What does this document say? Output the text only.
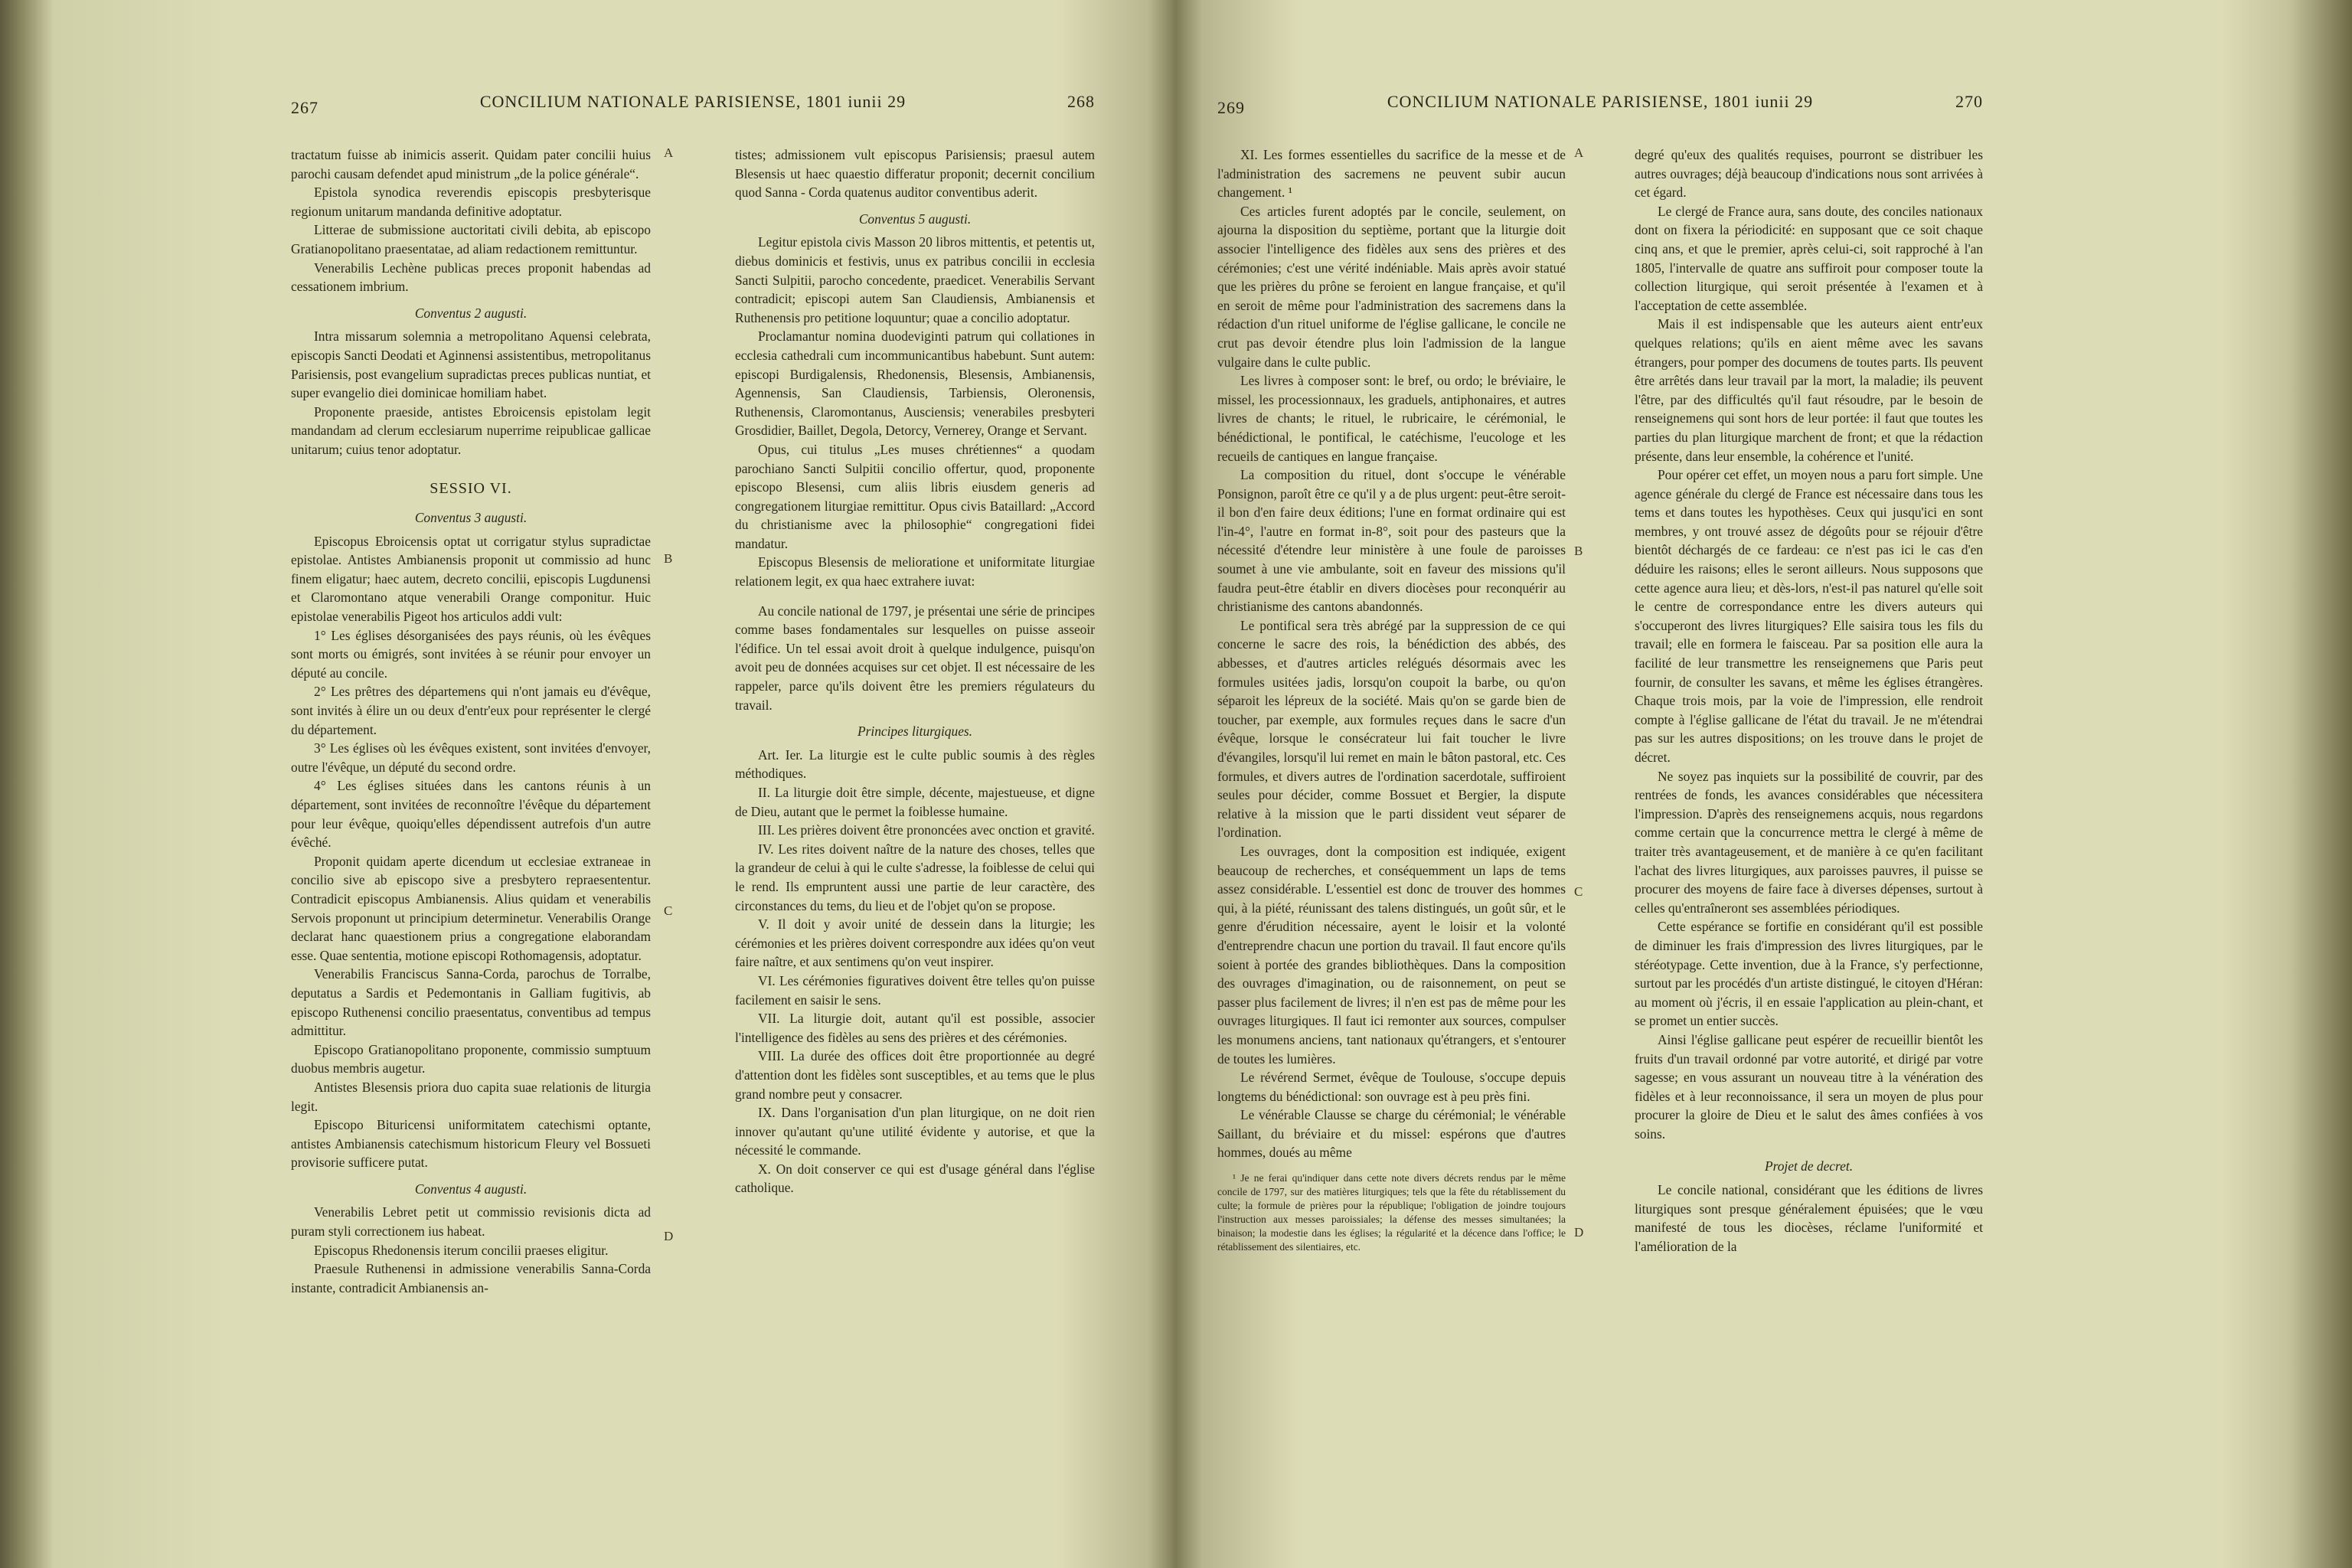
267	CONCILIUM NATIONALE PARISIENSE, 1801 iunii 29	268

tractatum fuisse ab inimicis asserit. Quidam pater concilii huius parochi causam defendet apud ministrum „de la police générale“.

Epistola synodica reverendis episcopis presbyterisque regionum unitarum mandanda definitive adoptatur.

Litterae de submissione auctoritati civili debita, ab episcopo Gratianopolitano praesentatae, ad aliam redactionem remittuntur.

Venerabilis Lechène publicas preces proponit habendas ad cessationem imbrium.

Conventus 2 augusti.

Intra missarum solemnia a metropolitano Aquensi celebrata, episcopis Sancti Deodati et Aginnensi assistentibus, metropolitanus Parisiensis, post evangelium supradictas preces publicas nuntiat, et super evangelio diei dominicae homiliam habet.

Proponente praeside, antistes Ebroicensis epistolam legit mandandam ad clerum ecclesiarum nuperrime reipublicae gallicae unitarum; cuius tenor adoptatur.

SESSIO VI.

Conventus 3 augusti.

Episcopus Ebroicensis optat ut corrigatur stylus supradictae epistolae. Antistes Ambianensis proponit ut commissio ad hunc finem eligatur; haec autem, decreto concilii, episcopis Lugdunensi et Claromontano atque venerabili Orange componitur. Huic epistolae venerabilis Pigeot hos articulos addi vult:

1° Les églises désorganisées des pays réunis, où les évêques sont morts ou émigrés, sont invitées à se réunir pour envoyer un député au concile.

2° Les prêtres des départemens qui n'ont jamais eu d'évêque, sont invités à élire un ou deux d'entr'eux pour représenter le clergé du département.

3° Les églises où les évêques existent, sont invitées d'envoyer, outre l'évêque, un député du second ordre.

4° Les églises situées dans les cantons réunis à un département, sont invitées de reconnoître l'évêque du département pour leur évêque, quoiqu'elles dépendissent autrefois d'un autre évêché.

Proponit quidam aperte dicendum ut ecclesiae extraneae in concilio sive ab episcopo sive a presbytero repraesententur. Contradicit episcopus Ambianensis. Alius quidam et venerabilis Servois proponunt ut principium determinetur. Venerabilis Orange declarat hanc quaestionem prius a congregatione elaborandam esse. Quae sententia, motione episcopi Rothomagensis, adoptatur.

Venerabilis Franciscus Sanna-Corda, parochus de Torralbe, deputatus a Sardis et Pedemontanis in Galliam fugitivis, ab episcopo Ruthenensi concilio praesentatus, conventibus ad tempus admittitur.

Episcopo Gratianopolitano proponente, commissio sumptuum duobus membris augetur.

Antistes Blesensis priora duo capita suae relationis de liturgia legit.

Episcopo Bituricensi uniformitatem catechismi optante, antistes Ambianensis catechismum historicum Fleury vel Bossueti provisorie sufficere putat.

Conventus 4 augusti.

Venerabilis Lebret petit ut commissio revisionis dicta ad puram styli correctionem ius habeat.

Episcopus Rhedonensis iterum concilii praeses eligitur.

Praesule Ruthenensi in admissione venerabilis Sanna-Corda instante, contradicit Ambianensis an-

tistes; admissionem vult episcopus Parisiensis; praesul autem Blesensis ut haec quaestio differatur proponit; decernit concilium quod Sanna - Corda quatenus auditor conventibus aderit.

Conventus 5 augusti.

Legitur epistola civis Masson 20 libros mittentis, et petentis ut, diebus dominicis et festivis, unus ex patribus concilii in ecclesia Sancti Sulpitii, parocho concedente, praedicet. Venerabilis Servant contradicit; episcopi autem San Claudiensis, Ambianensis et Ruthenensis pro petitione loquuntur; quae a concilio adoptatur.

Proclamantur nomina duodeviginti patrum qui collationes in ecclesia cathedrali cum incommunicantibus habebunt. Sunt autem: episcopi Burdigalensis, Rhedonensis, Blesensis, Ambianensis, Agennensis, San Claudiensis, Tarbiensis, Oleronensis, Ruthenensis, Claromontanus, Ausciensis; venerabiles presbyteri Grosdidier, Baillet, Degola, Detorcy, Vernerey, Orange et Servant.

Opus, cui titulus „Les muses chrétiennes“ a quodam parochiano Sancti Sulpitii concilio offertur, quod, proponente episcopo Blesensi, cum aliis libris eiusdem generis ad congregationem liturgiae remittitur. Opus civis Bataillard: „Accord du christianisme avec la philosophie“ congregationi fidei mandatur.

Episcopus Blesensis de melioratione et uniformitate liturgiae relationem legit, ex qua haec extrahere iuvat:

Au concile national de 1797, je présentai une série de principes comme bases fondamentales sur lesquelles on puisse asseoir l'édifice. Un tel essai avoit droit à quelque indulgence, puisqu'on avoit peu de données acquises sur cet objet. Il est nécessaire de les rappeler, parce qu'ils doivent être les premiers régulateurs du travail.

Principes liturgiques.

Art. Ier. La liturgie est le culte public soumis à des règles méthodiques.

II. La liturgie doit être simple, décente, majestueuse, et digne de Dieu, autant que le permet la foiblesse humaine.

III. Les prières doivent être prononcées avec onction et gravité.

IV. Les rites doivent naître de la nature des choses, telles que la grandeur de celui à qui le culte s'adresse, la foiblesse de celui qui le rend. Ils empruntent aussi une partie de leur caractère, des circonstances du tems, du lieu et de l'objet qu'on se propose.

V. Il doit y avoir unité de dessein dans la liturgie; les cérémonies et les prières doivent correspondre aux idées qu'on veut faire naître, et aux sentimens qu'on veut inspirer.

VI. Les cérémonies figuratives doivent être telles qu'on puisse facilement en saisir le sens.

VII. La liturgie doit, autant qu'il est possible, associer l'intelligence des fidèles au sens des prières et des cérémonies.

VIII. La durée des offices doit être proportionnée au degré d'attention dont les fidèles sont susceptibles, et au tems que le plus grand nombre peut y consacrer.

IX. Dans l'organisation d'un plan liturgique, on ne doit rien innover qu'autant qu'une utilité évidente y autorise, et que la nécessité le commande.

X. On doit conserver ce qui est d'usage général dans l'église catholique.

A
B
C
D
269	CONCILIUM NATIONALE PARISIENSE, 1801 iunii 29	270

XI. Les formes essentielles du sacrifice de la messe et de l'administration des sacremens ne peuvent subir aucun changement. ¹

Ces articles furent adoptés par le concile, seulement, on ajourna la disposition du septième, portant que la liturgie doit associer l'intelligence des fidèles aux sens des prières et des cérémonies; c'est une vérité indéniable. Mais après avoir statué que les prières du prône se feroient en langue française, et qu'il en seroit de même pour l'administration des sacremens dans la rédaction d'un rituel uniforme de l'église gallicane, le concile ne crut pas devoir étendre plus loin l'admission de la langue vulgaire dans le culte public.

Les livres à composer sont: le bref, ou ordo; le bréviaire, le missel, les processionnaux, les graduels, antiphonaires, et autres livres de chants; le rituel, le rubricaire, le cérémonial, le bénédictional, le pontifical, le catéchisme, l'eucologe et les recueils de cantiques en langue française.

La composition du rituel, dont s'occupe le vénérable Ponsignon, paroît être ce qu'il y a de plus urgent: peut-être seroit-il bon d'en faire deux éditions; l'une en format ordinaire qui est l'in-4°, l'autre en format in-8°, soit pour des pasteurs que la nécessité d'étendre leur ministère à une foule de paroisses soumet à une vie ambulante, soit en faveur des missions qu'il faudra peut-être établir en divers diocèses pour reconquérir au christianisme des cantons abandonnés.

Le pontifical sera très abrégé par la suppression de ce qui concerne le sacre des rois, la bénédiction des abbés, des abbesses, et d'autres articles relégués désormais avec les formules usitées jadis, lorsqu'on coupoit la barbe, ou qu'on séparoit les lépreux de la société. Mais qu'on se garde bien de toucher, par exemple, aux formules reçues dans le sacre d'un évêque, lorsque le consécrateur lui fait toucher le livre d'évangiles, lorsqu'il lui remet en main le bâton pastoral, etc. Ces formules, et divers autres de l'ordination sacerdotale, suffiroient seules pour décider, comme Bossuet et Bergier, la dispute relative à la mission que le parti dissident veut séparer de l'ordination.

Les ouvrages, dont la composition est indiquée, exigent beaucoup de recherches, et conséquemment un laps de tems assez considérable. L'essentiel est donc de trouver des hommes qui, à la piété, réunissant des talens distingués, un goût sûr, et le genre d'érudition nécessaire, ayent le loisir et la volonté d'entreprendre chacun une portion du travail. Il faut encore qu'ils soient à portée des grandes bibliothèques. Dans la composition des ouvrages d'imagination, ou de raisonnement, on peut se passer plus facilement de livres; il n'en est pas de même pour les ouvrages liturgiques. Il faut ici remonter aux sources, compulser les monumens anciens, tant nationaux qu'étrangers, et s'entourer de toutes les lumières.

Le révérend Sermet, évêque de Toulouse, s'occupe depuis longtems du bénédictional: son ouvrage est à peu près fini.

Le vénérable Clausse se charge du cérémonial; le vénérable Saillant, du bréviaire et du missel: espérons que d'autres hommes, doués au même

¹ Je ne ferai qu'indiquer dans cette note divers décrets rendus par le même concile de 1797, sur des matières liturgiques; tels que la fête du rétablissement du culte; la formule de prières pour la république; l'obligation de joindre toujours l'instruction aux messes paroissiales; la défense des messes simultanées; la binaison; la modestie dans les églises; la régularité et la décence dans l'office; le rétablissement des silentiaires, etc.

degré qu'eux des qualités requises, pourront se distribuer les autres ouvrages; déjà beaucoup d'indications nous sont arrivées à cet égard.

Le clergé de France aura, sans doute, des conciles nationaux dont on fixera la périodicité: en supposant que ce soit chaque cinq ans, et que le premier, après celui-ci, soit rapproché à l'an 1805, l'intervalle de quatre ans suffiroit pour composer toute la collection liturgique, qui seroit présentée à l'examen et à l'acceptation de cette assemblée.

Mais il est indispensable que les auteurs aient entr'eux quelques relations; qu'ils en aient même avec les savans étrangers, pour pomper des documens de toutes parts. Ils peuvent être arrêtés dans leur travail par la mort, la maladie; ils peuvent l'être, par des difficultés qu'il faut résoudre, par le besoin de renseignemens qui sont hors de leur portée: il faut que toutes les parties du plan liturgique marchent de front; et que la rédaction présente, dans leur ensemble, la cohérence et l'unité.

Pour opérer cet effet, un moyen nous a paru fort simple. Une agence générale du clergé de France est nécessaire dans tous les tems et dans toutes les hypothèses. Ceux qui jusqu'ici en sont membres, y ont trouvé assez de dégoûts pour se réjouir d'être bientôt déchargés de ce fardeau: ce n'est pas ici le cas d'en déduire les raisons; elles le seront ailleurs. Nous supposons que cette agence aura lieu; et dès-lors, n'est-il pas naturel qu'elle soit le centre de correspondance entre les divers auteurs qui s'occuperont des livres liturgiques? Elle saisira tous les fils du travail; elle en formera le faisceau. Par sa position elle aura la facilité de leur transmettre les renseignemens que Paris peut fournir, de consulter les savans, et même les églises étrangères. Chaque trois mois, par la voie de l'impression, elle rendroit compte à l'église gallicane de l'état du travail. Je ne m'étendrai pas sur les autres dispositions; on les trouve dans le projet de décret.

Ne soyez pas inquiets sur la possibilité de couvrir, par des rentrées de fonds, les avances considérables que nécessitera l'impression. D'après des renseignemens acquis, nous regardons comme certain que la concurrence mettra le clergé à même de traiter très avantageusement, et de manière à ce qu'en facilitant l'achat des livres liturgiques, aux paroisses pauvres, il puisse se procurer des moyens de faire face à diverses dépenses, surtout à celles qu'entraîneront ses assemblées périodiques.

Cette espérance se fortifie en considérant qu'il est possible de diminuer les frais d'impression des livres liturgiques, par le stéréotypage. Cette invention, due à la France, s'y perfectionne, surtout par les procédés d'un artiste distingué, le citoyen d'Héran: au moment où j'écris, il en essaie l'application au plein-chant, et se promet un entier succès.

Ainsi l'église gallicane peut espérer de recueillir bientôt les fruits d'un travail ordonné par votre autorité, et dirigé par votre sagesse; en vous assurant un nouveau titre à la vénération des fidèles et à leur reconnoissance, il sera un moyen de plus pour procurer la gloire de Dieu et le salut des âmes confiées à vos soins.

Projet de decret.

Le concile national, considérant que les éditions de livres liturgiques sont presque généralement épuisées; que le vœu manifesté de tous les diocèses, réclame l'uniformité et l'amélioration de la

A
B
C
D
